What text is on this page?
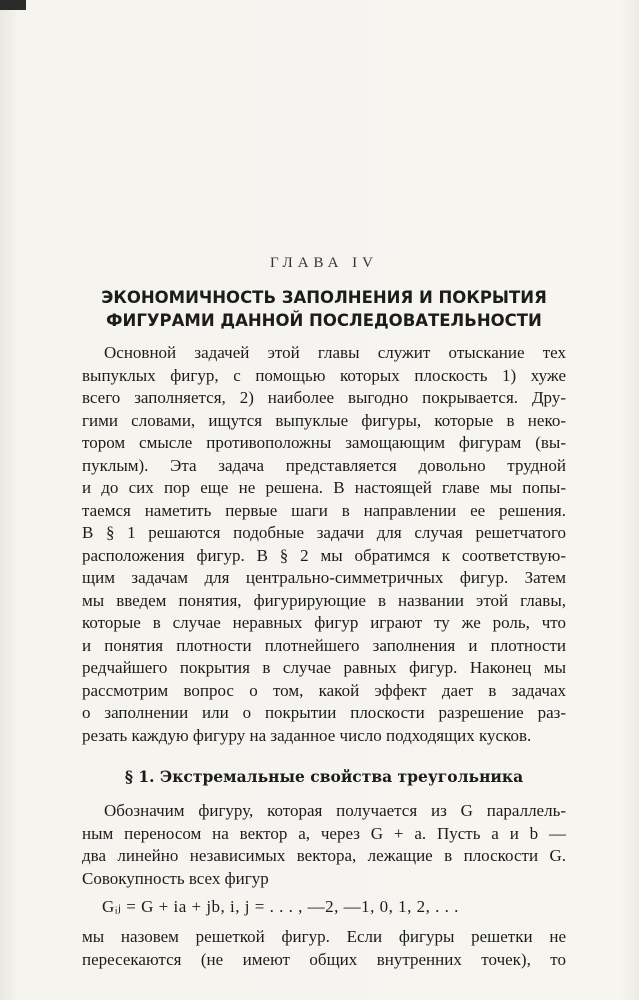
ГЛАВА IV
ЭКОНОМИЧНОСТЬ ЗАПОЛНЕНИЯ И ПОКРЫТИЯ
ФИГУРАМИ ДАННОЙ ПОСЛЕДОВАТЕЛЬНОСТИ

Основной задачей этой главы служит отыскание тех
выпуклых фигур, с помощью которых плоскость 1) хуже
всего заполняется, 2) наиболее выгодно покрывается. Дру-
гими словами, ищутся выпуклые фигуры, которые в неко-
тором смысле противоположны замощающим фигурам (вы-
пуклым). Эта задача представляется довольно трудной
и до сих пор еще не решена. В настоящей главе мы попы-
таемся наметить первые шаги в направлении ее решения.
В § 1 решаются подобные задачи для случая решетчатого
расположения фигур. В § 2 мы обратимся к соответствую-
щим задачам для центрально-симметричных фигур. Затем
мы введем понятия, фигурирующие в названии этой главы,
которые в случае неравных фигур играют ту же роль, что
и понятия плотности плотнейшего заполнения и плотности
редчайшего покрытия в случае равных фигур. Наконец мы
рассмотрим вопрос о том, какой эффект дает в задачах
о заполнении или о покрытии плоскости разрешение раз-
резать каждую фигуру на заданное число подходящих кусков.

§ 1. Экстремальные свойства треугольника

Обозначим фигуру, которая получается из G параллель-
ным переносом на вектор a, через G + a. Пусть a и b —
два линейно независимых вектора, лежащие в плоскости G.
Совокупность всех фигур

Gᵢⱼ = G + ia + jb, i, j = . . . , —2, —1, 0, 1, 2, . . .

мы назовем решеткой фигур. Если фигуры решетки не
пересекаются (не имеют общих внутренних точек), то
